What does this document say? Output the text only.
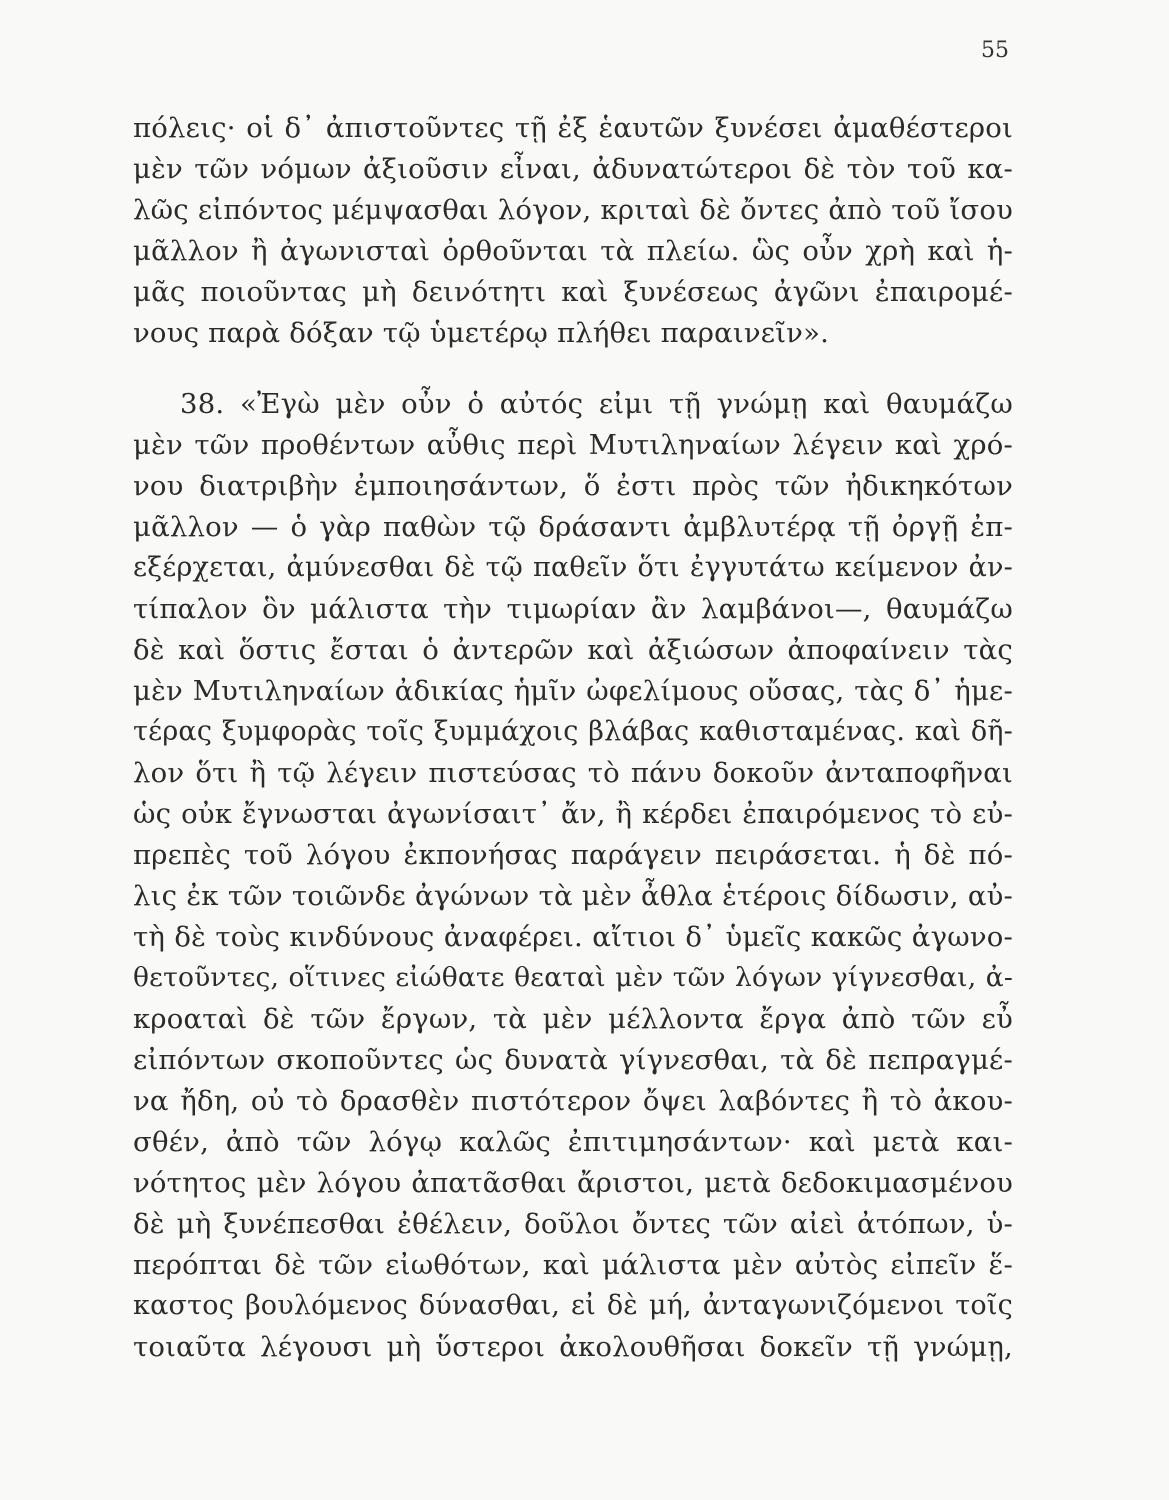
55
πόλεις· οἱ δ᾽ ἀπιστοῦντες τῇ ἐξ ἑαυτῶν ξυνέσει ἀμαθέστεροι
μὲν τῶν νόμων ἀξιοῦσιν εἶναι, ἀδυνατώτεροι δὲ τὸν τοῦ κα-
λῶς εἰπόντος μέμψασθαι λόγον, κριταὶ δὲ ὄντες ἀπὸ τοῦ ἴσου
μᾶλλον ἢ ἀγωνισταὶ ὀρθοῦνται τὰ πλείω. ὣς οὖν χρὴ καὶ ἡ-
μᾶς ποιοῦντας μὴ δεινότητι καὶ ξυνέσεως ἀγῶνι ἐπαιρομέ-
νους παρὰ δόξαν τῷ ὑμετέρῳ πλήθει παραινεῖν».
38. «Ἐγὼ μὲν οὖν ὁ αὐτός εἰμι τῇ γνώμῃ καὶ θαυμάζω
μὲν τῶν προθέντων αὖθις περὶ Μυτιληναίων λέγειν καὶ χρό-
νου διατριβὴν ἐμποιησάντων, ὅ ἐστι πρὸς τῶν ἠδικηκότων
μᾶλλον — ὁ γὰρ παθὼν τῷ δράσαντι ἀμβλυτέρᾳ τῇ ὀργῇ ἐπ-
εξέρχεται, ἀμύνεσθαι δὲ τῷ παθεῖν ὅτι ἐγγυτάτω κείμενον ἀν-
τίπαλον ὃν μάλιστα τὴν τιμωρίαν ἂν λαμβάνοι—, θαυμάζω
δὲ καὶ ὅστις ἔσται ὁ ἀντερῶν καὶ ἀξιώσων ἀποφαίνειν τὰς
μὲν Μυτιληναίων ἀδικίας ἡμῖν ὠφελίμους οὔσας, τὰς δ᾽ ἡμε-
τέρας ξυμφορὰς τοῖς ξυμμάχοις βλάβας καθισταμένας. καὶ δῆ-
λον ὅτι ἢ τῷ λέγειν πιστεύσας τὸ πάνυ δοκοῦν ἀνταποφῆναι
ὡς οὐκ ἔγνωσται ἀγωνίσαιτ᾽ ἄν, ἢ κέρδει ἐπαιρόμενος τὸ εὐ-
πρεπὲς τοῦ λόγου ἐκπονήσας παράγειν πειράσεται. ἡ δὲ πό-
λις ἐκ τῶν τοιῶνδε ἀγώνων τὰ μὲν ἆθλα ἑτέροις δίδωσιν, αὐ-
τὴ δὲ τοὺς κινδύνους ἀναφέρει. αἴτιοι δ᾽ ὑμεῖς κακῶς ἀγωνο-
θετοῦντες, οἵτινες εἰώθατε θεαταὶ μὲν τῶν λόγων γίγνεσθαι, ἀ-
κροαταὶ δὲ τῶν ἔργων, τὰ μὲν μέλλοντα ἔργα ἀπὸ τῶν εὖ
εἰπόντων σκοποῦντες ὡς δυνατὰ γίγνεσθαι, τὰ δὲ πεπραγμέ-
να ἤδη, οὐ τὸ δρασθὲν πιστότερον ὄψει λαβόντες ἢ τὸ ἀκου-
σθέν, ἀπὸ τῶν λόγῳ καλῶς ἐπιτιμησάντων· καὶ μετὰ και-
νότητος μὲν λόγου ἀπατᾶσθαι ἄριστοι, μετὰ δεδοκιμασμένου
δὲ μὴ ξυνέπεσθαι ἐθέλειν, δοῦλοι ὄντες τῶν αἰεὶ ἀτόπων, ὑ-
περόπται δὲ τῶν εἰωθότων, καὶ μάλιστα μὲν αὐτὸς εἰπεῖν ἕ-
καστος βουλόμενος δύνασθαι, εἰ δὲ μή, ἀνταγωνιζόμενοι τοῖς
τοιαῦτα λέγουσι μὴ ὕστεροι ἀκολουθῆσαι δοκεῖν τῇ γνώμῃ,
